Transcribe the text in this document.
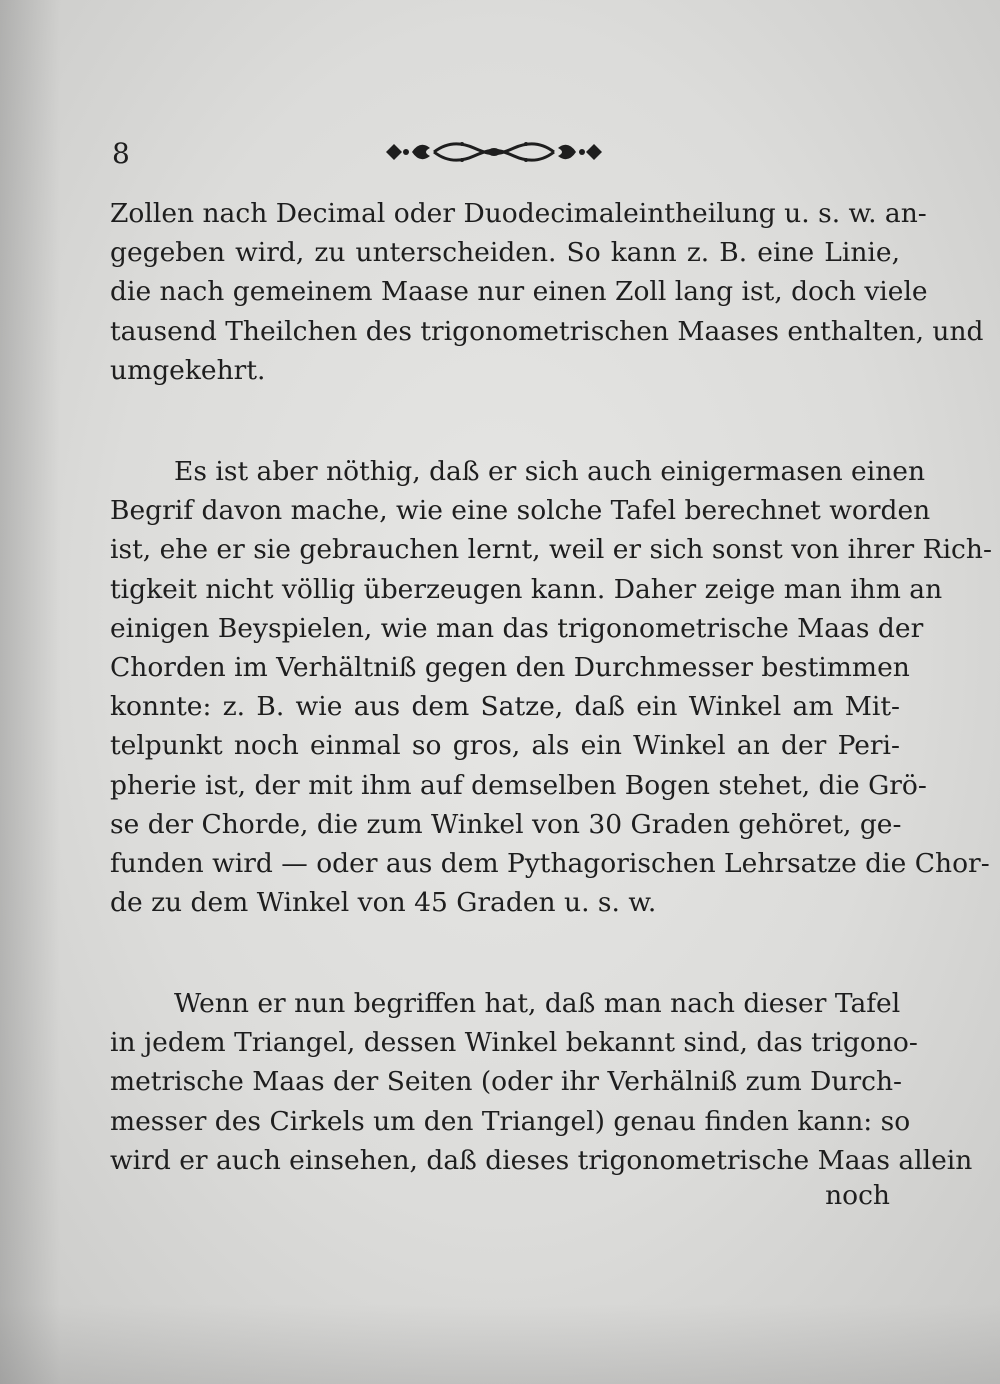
8
Zollen nach Decimal oder Duodecimaleintheilung u. s. w. an-
gegeben wird, zu unterscheiden. So kann z. B. eine Linie,
die nach gemeinem Maase nur einen Zoll lang ist, doch viele
tausend Theilchen des trigonometrischen Maases enthalten, und
umgekehrt.
Es ist aber nöthig, daß er sich auch einigermasen einen
Begrif davon mache, wie eine solche Tafel berechnet worden
ist, ehe er sie gebrauchen lernt, weil er sich sonst von ihrer Rich-
tigkeit nicht völlig überzeugen kann. Daher zeige man ihm an
einigen Beyspielen, wie man das trigonometrische Maas der
Chorden im Verhältniß gegen den Durchmesser bestimmen
konnte: z. B. wie aus dem Satze, daß ein Winkel am Mit-
telpunkt noch einmal so gros, als ein Winkel an der Peri-
pherie ist, der mit ihm auf demselben Bogen stehet, die Grö-
se der Chorde, die zum Winkel von 30 Graden gehöret, ge-
funden wird — oder aus dem Pythagorischen Lehrsatze die Chor-
de zu dem Winkel von 45 Graden u. s. w.
Wenn er nun begriffen hat, daß man nach dieser Tafel
in jedem Triangel, dessen Winkel bekannt sind, das trigono-
metrische Maas der Seiten (oder ihr Verhälniß zum Durch-
messer des Cirkels um den Triangel) genau finden kann: so
wird er auch einsehen, daß dieses trigonometrische Maas allein
noch
